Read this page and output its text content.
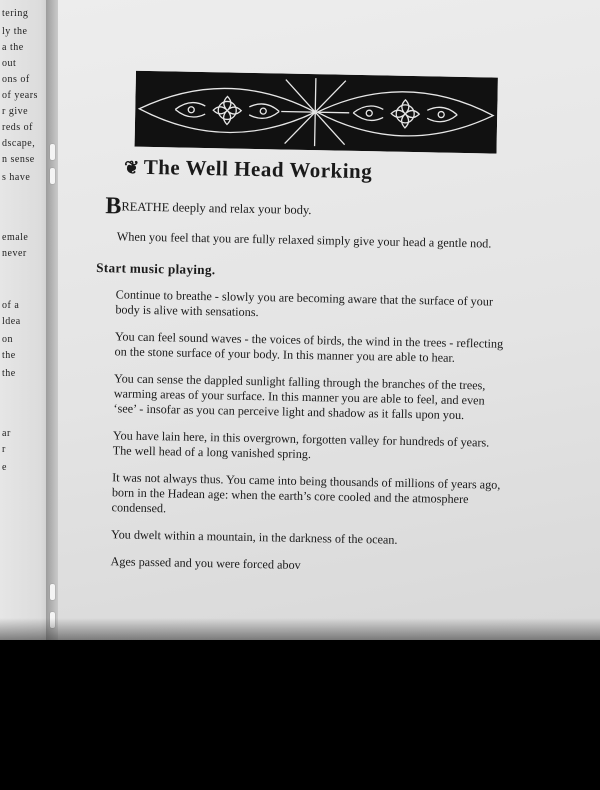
tering
ly the
a the
out
ons of
of years
r give
reds of
dscape,
n sense
s have
emale
never
of a
ldea
on
the
the
ar
r
e
❦ The Well Head Working
BREATHE deeply and relax your body.

When you feel that you are fully relaxed simply give your head a gentle nod.

Start music playing.

Continue to breathe - slowly you are becoming aware that the surface of your body is alive with sensations.

You can feel sound waves - the voices of birds, the wind in the trees - reflecting on the stone surface of your body. In this manner you are able to hear.

You can sense the dappled sunlight falling through the branches of the trees, warming areas of your surface. In this manner you are able to feel, and even ‘see’ - insofar as you can perceive light and shadow as it falls upon you.

You have lain here, in this overgrown, forgotten valley for hundreds of years. The well head of a long vanished spring.

It was not always thus. You came into being thousands of millions of years ago, born in the Hadean age: when the earth’s core cooled and the atmosphere condensed.

You dwelt within a mountain, in the darkness of the ocean.

Ages passed and you were forced abov
